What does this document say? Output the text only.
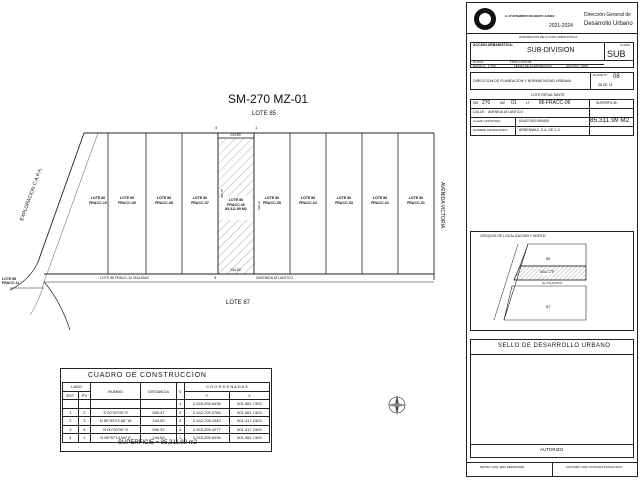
SM-270 MZ-01
LOTE 85
LOTE 87
EXPLORACION C.A.P.A.	AVENIDA VICTORIA
LOTE 86 FRACC-12 VIALIDAD	AVENIDA ATLANTICO
LOTE 86 FRACC-11
LOTE 86
FRACC-10
LOTE 86
FRACC-09
LOTE 86
FRACC-08
LOTE 86
FRACC-07
LOTE 86
FRACC-06
85,311.99 M2
LOTE 86
FRACC-05
LOTE 86
FRACC-04
LOTE 86
FRACC-03
LOTE 86
FRACC-02
LOTE 86
FRACC-01
144.50
144.50
590.47
590.32
1
2
3
4
CUADRO DE CONSTRUCCION
LADO		RUMBO	DISTANCIA	V	C O O R D E N A D A S	
EST	PV				Y	X
				1	2,343,295.5436	501,561.7403
1	2	S 00°00'00" E	590.47	2	2,342,705.0766	501,561.7403
2	3	N 89°59'23.66" W	144.50	3	2,342,705.1040	501,417.2403
3	4	N 00°00'00" E	590.32	4	2,343,295.4277	501,417.2403
4	1	N 89°57'14.66" E	144.50	1	2,343,295.5436	501,561.7403
SUPERFICIE = 85,311.99 m2
H. AYUNTAMIENTO DE BENITO JUÁREZ
2021-2024
Dirección General de
Desarrollo Urbano
APROBACION DE ACCION URBANISTICA
ACCION URBANISTICA:
SUB-DIVISION
CLAVE:
SUB
PLANO:	FRACCION-06
ESCALA: 1:750	FECHA DE ELABORACIÓN:	AGOSTO / 2023
DIRECCION DE PLANEACION Y NORMATIVIDAD URBANA
PLANO N°: 08
08 DE 14
LOTE RESULTANTE
SM 270	MZ 01	LT 86 FRACC-06	SUPERFICIE:
85,311.99 M2
CALLE: AVENIDA ATLANTICO
CLAVE CATASTRAL:	60162700010906000
NOMBRE PROPIETARIO:	ARRENMAX, S.A. DE C.V.
CROQUIS DE LOCALIZACION Y NORTE:
85
86A-CTE
AV. ATLANTICO
87
SELLO DE DESARROLLO URBANO
AUTORIZO
REVISO: ARQ. ERIK HERNANDEZ	AUTORIZO: ARQ. ROSAURA PONCE LEON
